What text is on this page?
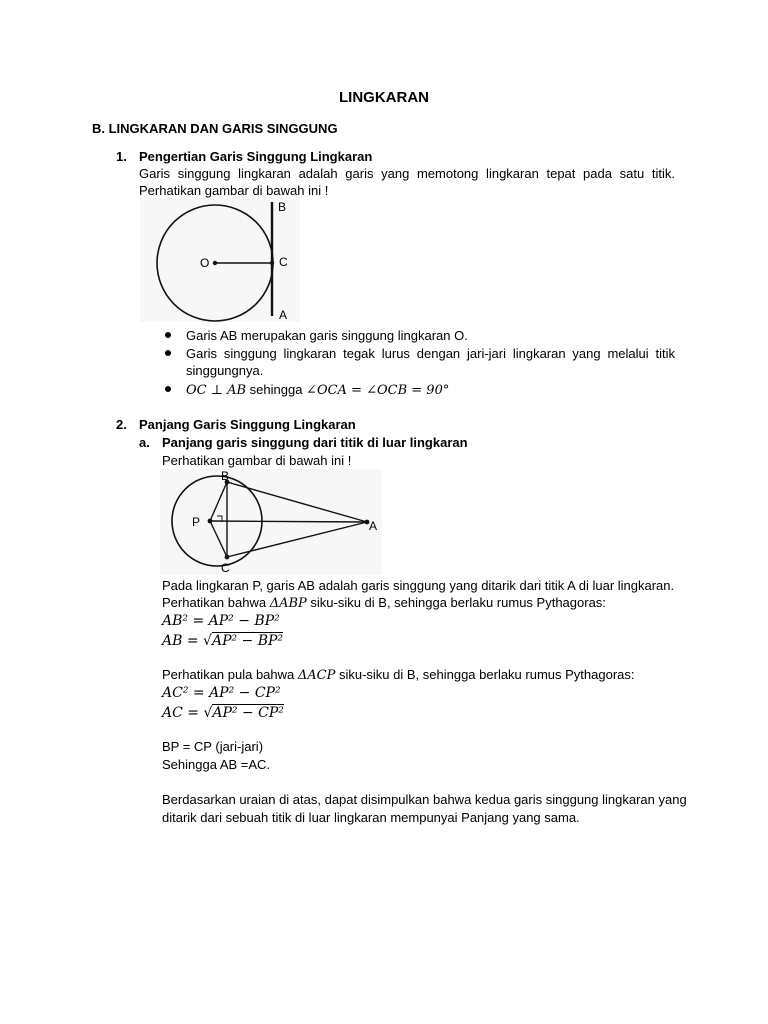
LINGKARAN
B. LINGKARAN DAN GARIS SINGGUNG
1. Pengertian Garis Singgung Lingkaran
Garis singgung lingkaran adalah garis yang memotong lingkaran tepat pada satu titik.
Perhatikan gambar di bawah ini !
O	C
B
A
Garis AB merupakan garis singgung lingkaran O.
Garis singgung lingkaran tegak lurus dengan jari-jari lingkaran yang melalui titik
singgungnya.
OC ⊥ AB sehingga ∠OCA = ∠OCB = 90°
2. Panjang Garis Singgung Lingkaran
a. Panjang garis singgung dari titik di luar lingkaran
Perhatikan gambar di bawah ini !
B
P	A
C
Pada lingkaran P, garis AB adalah garis singgung yang ditarik dari titik A di luar lingkaran.
Perhatikan bahwa ΔABP siku-siku di B, sehingga berlaku rumus Pythagoras:
AB² = AP² − BP²
AB = √AP² − BP²
Perhatikan pula bahwa ΔACP siku-siku di B, sehingga berlaku rumus Pythagoras:
AC² = AP² − CP²
AC = √AP² − CP²
BP = CP (jari-jari)
Sehingga AB =AC.
Berdasarkan uraian di atas, dapat disimpulkan bahwa kedua garis singgung lingkaran yang
ditarik dari sebuah titik di luar lingkaran mempunyai Panjang yang sama.
